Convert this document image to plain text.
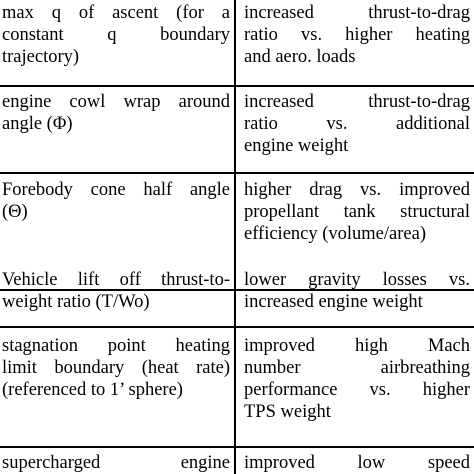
max q of ascent (for a
constant q boundary
trajectory)
increased thrust-to-drag
ratio vs. higher heating
and aero. loads
engine cowl wrap around
angle (Φ)
increased thrust-to-drag
ratio vs. additional
engine weight
Forebody cone half angle
(Θ)
higher drag vs. improved
propellant tank structural
efficiency (volume/area)
Vehicle lift off thrust-to-
weight ratio (T/Wo)
lower gravity losses vs.
increased engine weight
stagnation point heating
limit boundary (heat rate)
(referenced to 1’ sphere)
improved high Mach
number airbreathing
performance vs. higher
TPS weight
supercharged engine improved low speed
